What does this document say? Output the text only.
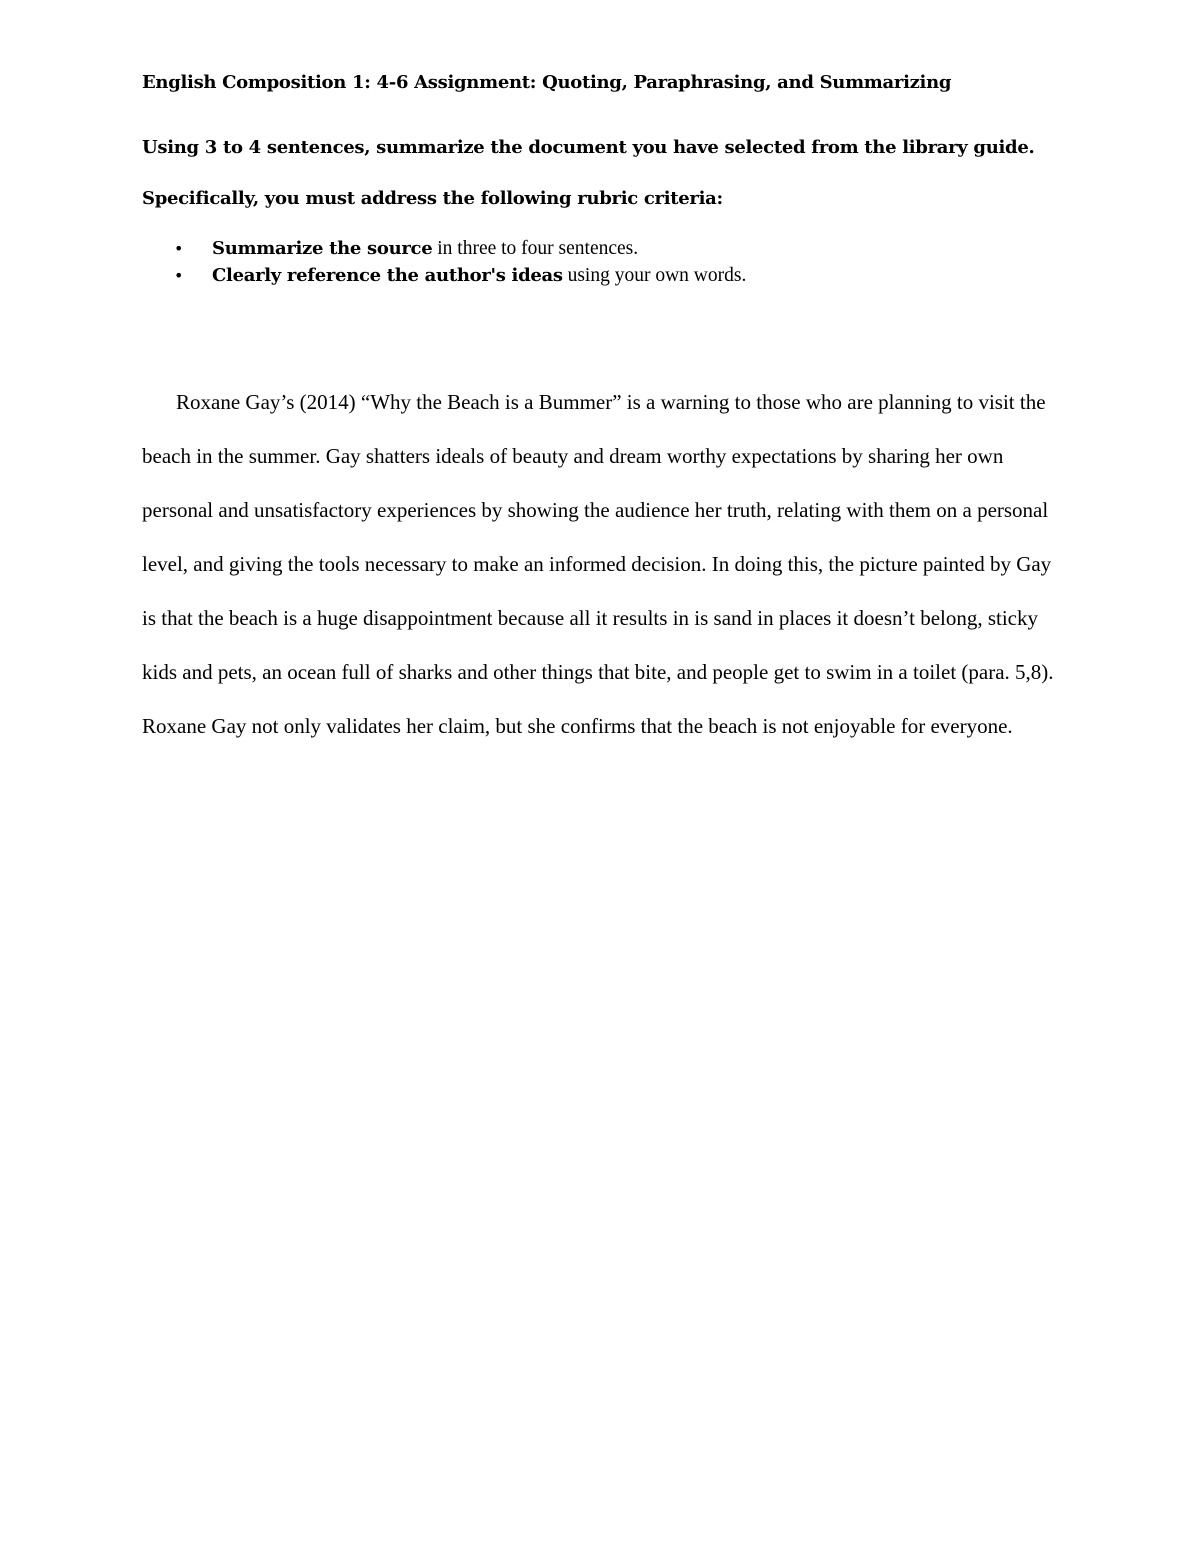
English Composition 1: 4-6 Assignment: Quoting, Paraphrasing, and Summarizing

Using 3 to 4 sentences, summarize the document you have selected from the library guide.

Specifically, you must address the following rubric criteria:

• Summarize the source in three to four sentences.
• Clearly reference the author's ideas using your own words.

Roxane Gay’s (2014) “Why the Beach is a Bummer” is a warning to those who are planning to visit the beach in the summer. Gay shatters ideals of beauty and dream worthy expectations by sharing her own personal and unsatisfactory experiences by showing the audience her truth, relating with them on a personal level, and giving the tools necessary to make an informed decision. In doing this, the picture painted by Gay is that the beach is a huge disappointment because all it results in is sand in places it doesn’t belong, sticky kids and pets, an ocean full of sharks and other things that bite, and people get to swim in a toilet (para. 5,8). Roxane Gay not only validates her claim, but she confirms that the beach is not enjoyable for everyone.
